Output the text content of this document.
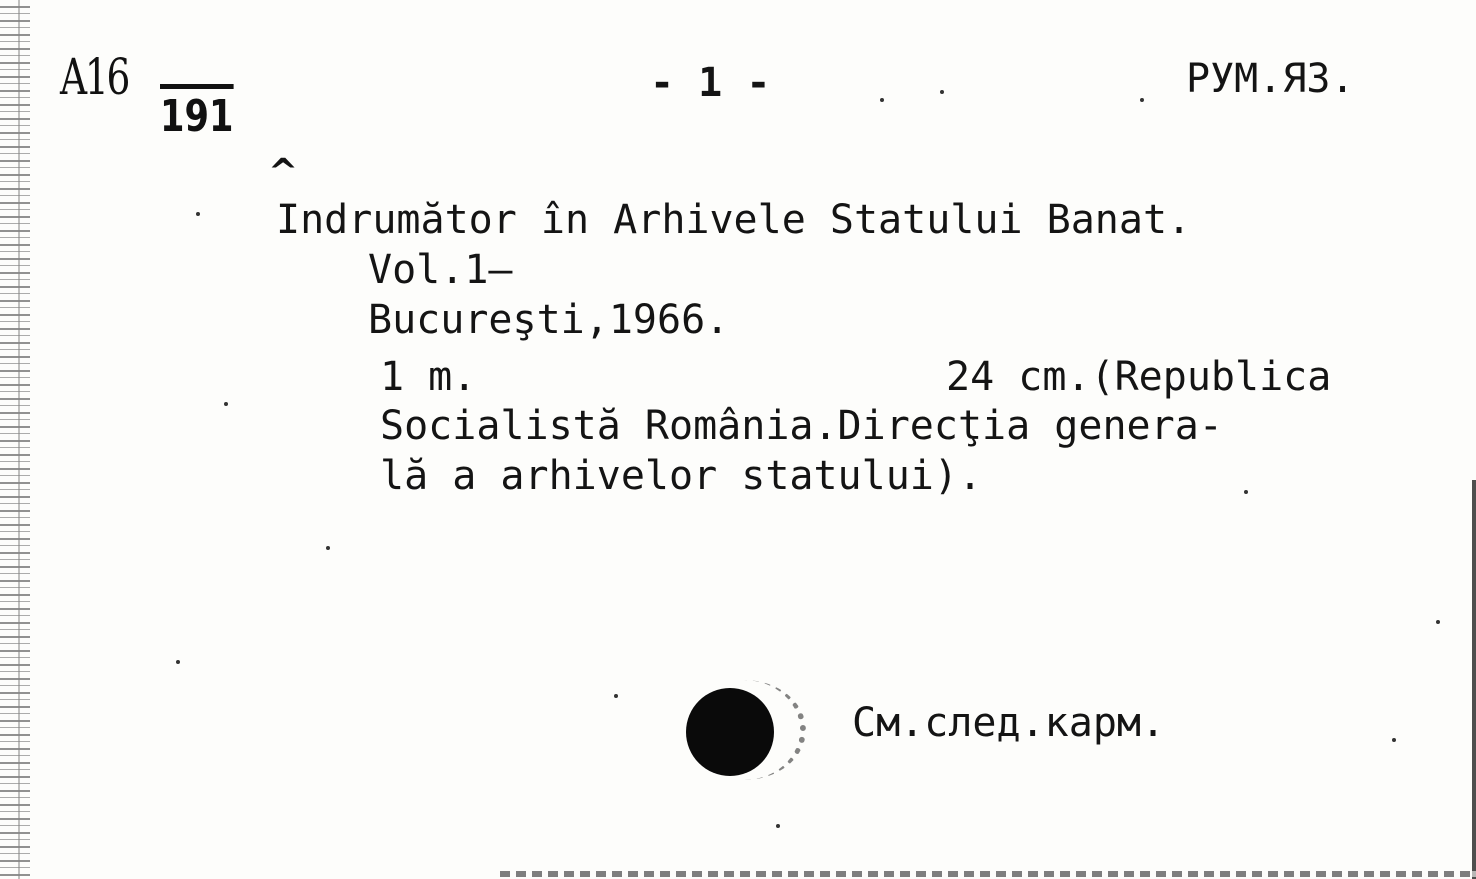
A16
191
- 1 -	РУМ.ЯЗ.
^
Indrumător în Arhivele Statului Banat.
Vol.1—
Bucureşti,1966.
1 m.	24 cm.(Republica
Socialistă România.Direcţia genera-
lă a arhivelor statului).
См.слeд.карм.
